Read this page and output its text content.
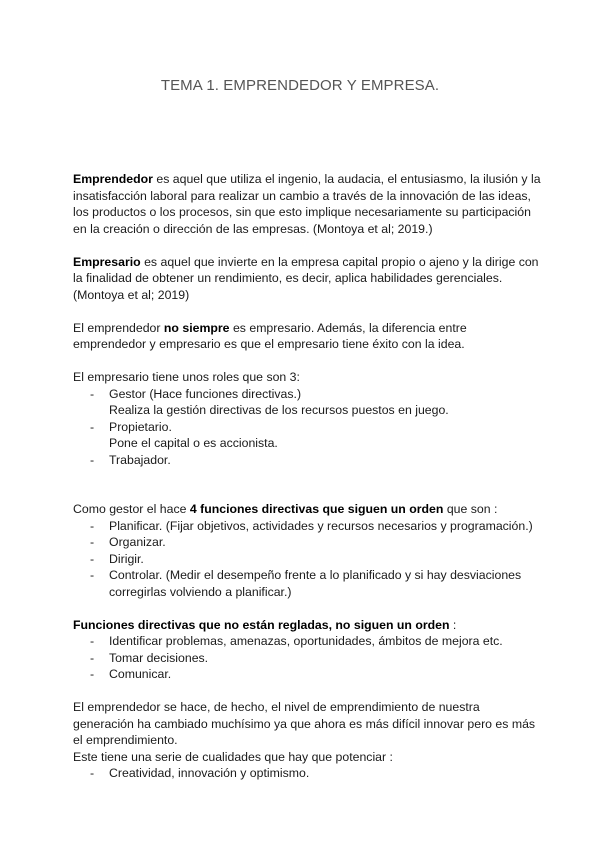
TEMA 1. EMPRENDEDOR Y EMPRESA.

Emprendedor es aquel que utiliza el ingenio, la audacia, el entusiasmo, la ilusión y la insatisfacción laboral para realizar un cambio a través de la innovación de las ideas, los productos o los procesos, sin que esto implique necesariamente su participación en la creación o dirección de las empresas. (Montoya et al; 2019.)

Empresario es aquel que invierte en la empresa capital propio o ajeno y la dirige con la finalidad de obtener un rendimiento, es decir, aplica habilidades gerenciales. (Montoya et al; 2019)

El emprendedor no siempre es empresario. Además, la diferencia entre emprendedor y empresario es que el empresario tiene éxito con la idea.

El empresario tiene unos roles que son 3:

- Gestor (Hace funciones directivas.)
Realiza la gestión directivas de los recursos puestos en juego.
- Propietario.
Pone el capital o es accionista.
- Trabajador.

Como gestor el hace 4 funciones directivas que siguen un orden que son :

- Planificar. (Fijar objetivos, actividades y recursos necesarios y programación.)
- Organizar.
- Dirigir.
- Controlar. (Medir el desempeño frente a lo planificado y si hay desviaciones corregirlas volviendo a planificar.)

Funciones directivas que no están regladas, no siguen un orden :

- Identificar problemas, amenazas, oportunidades, ámbitos de mejora etc.
- Tomar decisiones.
- Comunicar.

El emprendedor se hace, de hecho, el nivel de emprendimiento de nuestra generación ha cambiado muchísimo ya que ahora es más difícil innovar pero es más el emprendimiento.

Este tiene una serie de cualidades que hay que potenciar :

- Creatividad, innovación y optimismo.
